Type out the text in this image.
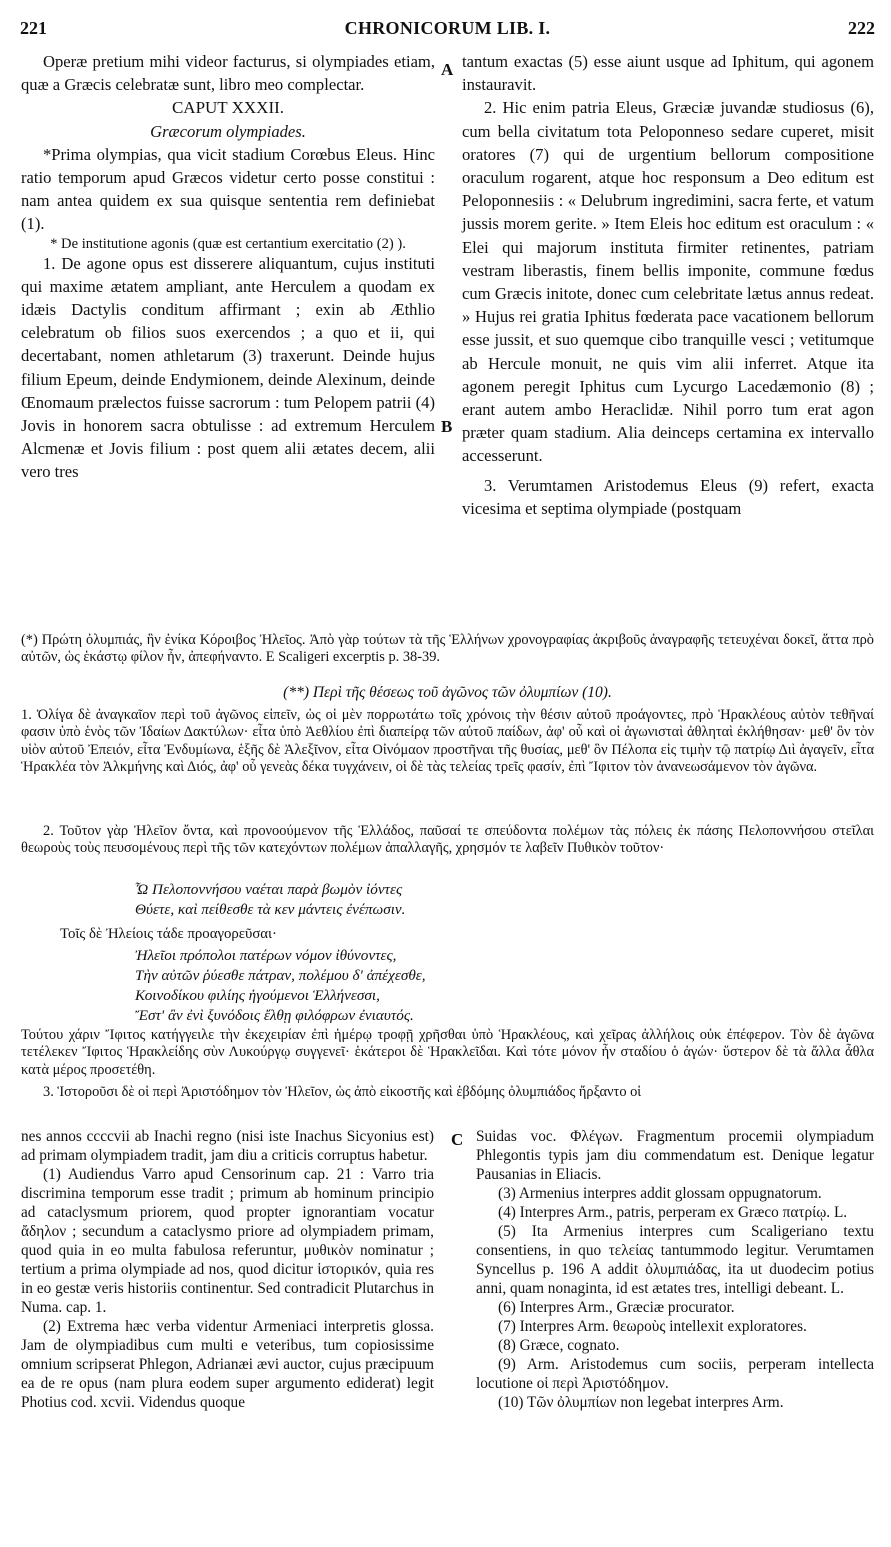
221	CHRONICORUM LIB. I.	222
A
B
C

Operæ pretium mihi videor facturus, si olympiades etiam, quæ a Græcis celebratæ sunt, libro meo complectar.

CAPUT XXXII.

Græcorum olympiades.

*Prima olympias, qua vicit stadium Corœbus Eleus. Hinc ratio temporum apud Græcos videtur certo posse constitui : nam antea quidem ex sua quisque sententia rem definiebat (1).

* De institutione agonis (quæ est certantium exercitatio (2) ).

1. De agone opus est disserere aliquantum, cujus instituti qui maxime ætatem ampliant, ante Herculem a quodam ex idæis Dactylis conditum affirmant ; exin ab Æthlio celebratum ob filios suos exercendos ; a quo et ii, qui decertabant, nomen athletarum (3) traxerunt. Deinde hujus filium Epeum, deinde Endymionem, deinde Alexinum, deinde Œnomaum prælectos fuisse sacrorum : tum Pelopem patrii (4) Jovis in honorem sacra obtulisse : ad extremum Herculem Alcmenæ et Jovis filium : post quem alii ætates decem, alii vero tres

tantum exactas (5) esse aiunt usque ad Iphitum, qui agonem instauravit.

2. Hic enim patria Eleus, Græciæ juvandæ studiosus (6), cum bella civitatum tota Peloponneso sedare cuperet, misit oratores (7) qui de urgentium bellorum compositione oraculum rogarent, atque hoc responsum a Deo editum est Peloponnesiis : « Delubrum ingredimini, sacra ferte, et vatum jussis morem gerite. » Item Eleis hoc editum est oraculum : « Elei qui majorum instituta firmiter retinentes, patriam vestram liberastis, finem bellis imponite, commune fœdus cum Græcis initote, donec cum celebritate lætus annus redeat. » Hujus rei gratia Iphitus fœderata pace vacationem bellorum esse jussit, et suo quemque cibo tranquille vesci ; vetitumque ab Hercule monuit, ne quis vim alii inferret. Atque ita agonem peregit Iphitus cum Lycurgo Lacedæmonio (8) ; erant autem ambo Heraclidæ. Nihil porro tum erat agon præter quam stadium. Alia deinceps certamina ex intervallo accesserunt.

3. Verumtamen Aristodemus Eleus (9) refert, exacta vicesima et septima olympiade (postquam

(*) Πρώτη ὀλυμπιάς, ἣν ἐνίκα Κόροιβος Ἠλεῖος. Ἀπὸ γὰρ τούτων τὰ τῆς Ἑλλήνων χρονογραφίας ἀκριβοῦς ἀναγραφῆς τετευχέναι δοκεῖ, ἅττα πρὸ αὐτῶν, ὡς ἑκάστῳ φίλον ἦν, ἀπεφήναντο. E Scaligeri excerptis p. 38-39.

(**) Περὶ τῆς θέσεως τοῦ ἀγῶνος τῶν ὀλυμπίων (10).

1. Ὀλίγα δὲ ἀναγκαῖον περὶ τοῦ ἀγῶνος εἰπεῖν, ὡς οἱ μὲν πορρωτάτω τοῖς χρόνοις τὴν θέσιν αὐτοῦ προάγοντες, πρὸ Ἡρακλέους αὐτὸν τεθῆναί φασιν ὑπὸ ἑνὸς τῶν Ἰδαίων Δακτύλων· εἶτα ὑπὸ Ἀεθλίου ἐπὶ διαπείρᾳ τῶν αὐτοῦ παίδων, ἀφ' οὗ καὶ οἱ ἀγωνισταὶ ἀθληταὶ ἐκλήθησαν· μεθ' ὃν τὸν υἱὸν αὐτοῦ Ἐπειόν, εἶτα Ἐνδυμίωνα, ἑξῆς δὲ Ἀλεξῖνον, εἶτα Οἰνόμαον προστῆναι τῆς θυσίας, μεθ' ὃν Πέλοπα εἰς τιμὴν τῷ πατρίῳ Διὶ ἀγαγεῖν, εἶτα Ἡρακλέα τὸν Ἀλκμήνης καὶ Διός, ἀφ' οὗ γενεὰς δέκα τυγχάνειν, οἱ δὲ τὰς τελείας τρεῖς φασίν, ἐπὶ Ἴφιτον τὸν ἀνανεωσάμενον τὸν ἀγῶνα.

2. Τοῦτον γὰρ Ἠλεῖον ὄντα, καὶ προνοούμενον τῆς Ἑλλάδος, παῦσαί τε σπεύδοντα πολέμων τὰς πόλεις ἐκ πάσης Πελοποννήσου στεῖλαι θεωροὺς τοὺς πευσομένους περὶ τῆς τῶν κατεχόντων πολέμων ἀπαλλαγῆς, χρησμόν τε λαβεῖν Πυθικὸν τοῦτον·

Ὦ Πελοποννήσου ναέται παρὰ βωμὸν ἰόντες
Θύετε, καὶ πείθεσθε τὰ κεν μάντεις ἐνέπωσιν.
Τοῖς δὲ Ἠλείοις τάδε προαγορεῦσαι·
Ἠλεῖοι πρόπολοι πατέρων νόμον ἰθύνοντες,
Τὴν αὐτῶν ῥύεσθε πάτραν, πολέμου δ' ἀπέχεσθε,
Κοινοδίκου φιλίης ἡγούμενοι Ἑλλήνεσσι,
Ἔστ' ἂν ἐνὶ ξυνόδοις ἔλθῃ φιλόφρων ἐνιαυτός.

Τούτου χάριν Ἴφιτος κατήγγειλε τὴν ἐκεχειρίαν ἐπὶ ἡμέρῳ τροφῇ χρῆσθαι ὑπὸ Ἡρακλέους, καὶ χεῖρας ἀλλήλοις οὐκ ἐπέφερον. Τὸν δὲ ἀγῶνα τετέλεκεν Ἴφιτος Ἡρακλείδης σὺν Λυκούργῳ συγγενεῖ· ἑκάτεροι δὲ Ἡρακλεῖδαι. Καὶ τότε μόνον ἦν σταδίου ὁ ἀγών· ὕστερον δὲ τὰ ἄλλα ἆθλα κατὰ μέρος προσετέθη.

3. Ἱστοροῦσι δὲ οἱ περὶ Ἀριστόδημον τὸν Ἠλεῖον, ὡς ἀπὸ εἰκοστῆς καὶ ἑβδόμης ὀλυμπιάδος ἤρξαντο οἱ

nes annos ccccvii ab Inachi regno (nisi iste Inachus Sicyonius est) ad primam olympiadem tradit, jam diu a criticis corruptus habetur.

(1) Audiendus Varro apud Censorinum cap. 21 : Varro tria discrimina temporum esse tradit ; primum ab hominum principio ad cataclysmum priorem, quod propter ignorantiam vocatur ἄδηλον ; secundum a cataclysmo priore ad olympiadem primam, quod quia in eo multa fabulosa referuntur, μυθικὸν nominatur ; tertium a prima olympiade ad nos, quod dicitur ἱστορικόν, quia res in eo gestæ veris historiis continentur. Sed contradicit Plutarchus in Numa. cap. 1.

(2) Extrema hæc verba videntur Armeniaci interpretis glossa. Jam de olympiadibus cum multi e veteribus, tum copiosissime omnium scripserat Phlegon, Adrianæi ævi auctor, cujus præcipuum ea de re opus (nam plura eodem super argumento ediderat) legit Photius cod. xcvii. Videndus quoque

Suidas voc. Φλέγων. Fragmentum procemii olympiadum Phlegontis typis jam diu commendatum est. Denique legatur Pausanias in Eliacis.

(3) Armenius interpres addit glossam oppugnatorum.

(4) Interpres Arm., patris, perperam ex Græco πατρίῳ. L.

(5) Ita Armenius interpres cum Scaligeriano textu consentiens, in quo τελείας tantummodo legitur. Verumtamen Syncellus p. 196 A addit ὀλυμπιάδας, ita ut duodecim potius anni, quam nonaginta, id est ætates tres, intelligi debeant. L.

(6) Interpres Arm., Græciæ procurator.

(7) Interpres Arm. θεωροὺς intellexit exploratores.

(8) Græce, cognato.

(9) Arm. Aristodemus cum sociis, perperam intellecta locutione οἱ περὶ Ἀριστόδημον.

(10) Τῶν ὀλυμπίων non legebat interpres Arm.
